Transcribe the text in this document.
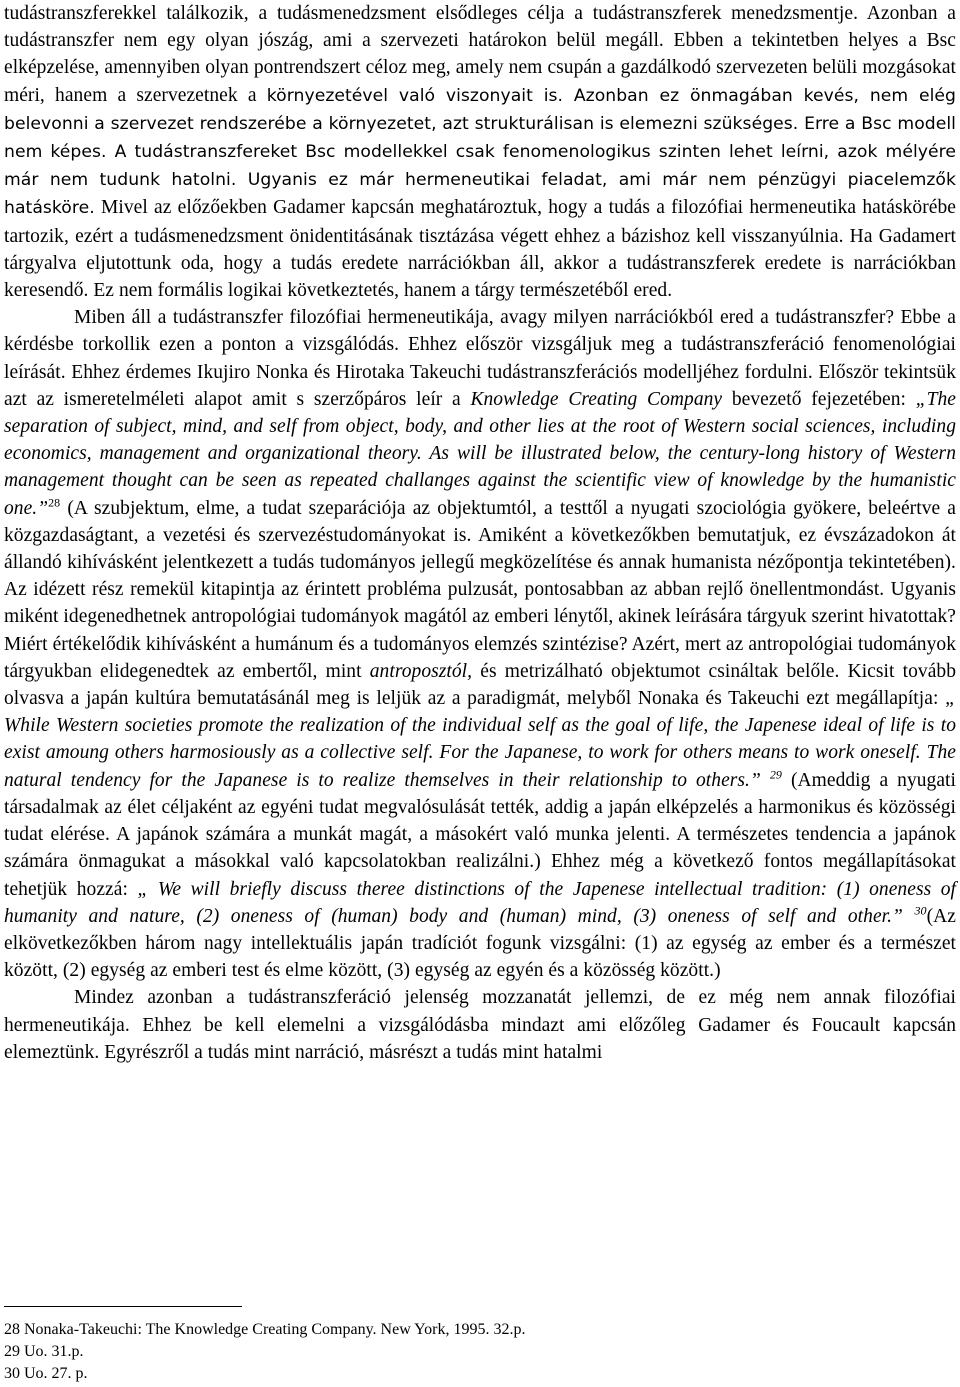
tudástranszferekkel találkozik, a tudásmenedzsment elsődleges célja a tudástranszferek menedzsmentje. Azonban a tudástranszfer nem egy olyan jószág, ami a szervezeti határokon belül megáll. Ebben a tekintetben helyes a Bsc elképzelése, amennyiben olyan pontrendszert céloz meg, amely nem csupán a gazdálkodó szervezeten belüli mozgásokat méri, hanem a szervezetnek a környezetével való viszonyait is. Azonban ez önmagában kevés, nem elég belevonni a szervezet rendszerébe a környezetet, azt strukturálisan is elemezni szükséges. Erre a Bsc modell nem képes. A tudástranszfereket Bsc modellekkel csak fenomenologikus szinten lehet leírni, azok mélyére már nem tudunk hatolni. Ugyanis ez már hermeneutikai feladat, ami már nem pénzügyi piacelemzők hatásköre. Mivel az előzőekben Gadamer kapcsán meghatároztuk, hogy a tudás a filozófiai hermeneutika hatáskörébe tartozik, ezért a tudásmenedzsment önidentitásának tisztázása végett ehhez a bázishoz kell visszanyúlnia. Ha Gadamert tárgyalva eljutottunk oda, hogy a tudás eredete narrációkban áll, akkor a tudástranszferek eredete is narrációkban keresendő. Ez nem formális logikai következtetés, hanem a tárgy természetéből ered.

Miben áll a tudástranszfer filozófiai hermeneutikája, avagy milyen narrációkból ered a tudástranszfer? Ebbe a kérdésbe torkollik ezen a ponton a vizsgálódás. Ehhez először vizsgáljuk meg a tudástranszferáció fenomenológiai leírását. Ehhez érdemes Ikujiro Nonka és Hirotaka Takeuchi tudástranszferációs modelljéhez fordulni. Először tekintsük azt az ismeretelméleti alapot amit s szerzőpáros leír a Knowledge Creating Company bevezető fejezetében: „The separation of subject, mind, and self from object, body, and other lies at the root of Western social sciences, including economics, management and organizational theory. As will be illustrated below, the century-long history of Western management thought can be seen as repeated challanges against the scientific view of knowledge by the humanistic one.”$^{28}$ (A szubjektum, elme, a tudat szeparációja az objektumtól, a testtől a nyugati szociológia gyökere, beleértve a közgazdaságtant, a vezetési és szervezéstudományokat is. Amiként a következőkben bemutatjuk, ez évszázadokon át állandó kihívásként jelentkezett a tudás tudományos jellegű megközelítése és annak humanista nézőpontja tekintetében). Az idézett rész remekül kitapintja az érintett probléma pulzusát, pontosabban az abban rejlő önellentmondást. Ugyanis miként idegenedhetnek antropológiai tudományok magától az emberi lénytől, akinek leírására tárgyuk szerint hivatottak? Miért értékelődik kihívásként a humánum és a tudományos elemzés szintézise? Azért, mert az antropológiai tudományok tárgyukban elidegenedtek az embertől, mint antroposztól, és metrizálható objektumot csináltak belőle. Kicsit tovább olvasva a japán kultúra bemutatásánál meg is leljük az a paradigmát, melyből Nonaka és Takeuchi ezt megállapítja: „ While Western societies promote the realization of the individual self as the goal of life, the Japenese ideal of life is to exist amoung others harmosiously as a collective self. For the Japanese, to work for others means to work oneself. The natural tendency for the Japanese is to realize themselves in their relationship to others.” $^{29}$ (Ameddig a nyugati társadalmak az élet céljaként az egyéni tudat megvalósulását tették, addig a japán elképzelés a harmonikus és közösségi tudat elérése. A japánok számára a munkát magát, a másokért való munka jelenti. A természetes tendencia a japánok számára önmagukat a másokkal való kapcsolatokban realizálni.) Ehhez még a következő fontos megállapításokat tehetjük hozzá: „ We will briefly discuss theree distinctions of the Japenese intellectual tradition: (1) oneness of humanity and nature, (2) oneness of (human) body and (human) mind, (3) oneness of self and other.” $^{30}$(Az elkövetkezőkben három nagy intellektuális japán tradíciót fogunk vizsgálni: (1) az egység az ember és a természet között, (2) egység az emberi test és elme között, (3) egység az egyén és a közösség között.)

Mindez azonban a tudástranszferáció jelenség mozzanatát jellemzi, de ez még nem annak filozófiai hermeneutikája. Ehhez be kell elemelni a vizsgálódásba mindazt ami előzőleg Gadamer és Foucault kapcsán elemeztünk. Egyrészről a tudás mint narráció, másrészt a tudás mint hatalmi

28 Nonaka-Takeuchi: The Knowledge Creating Company. New York, 1995. 32.p.
29 Uo. 31.p.
30 Uo. 27. p.
